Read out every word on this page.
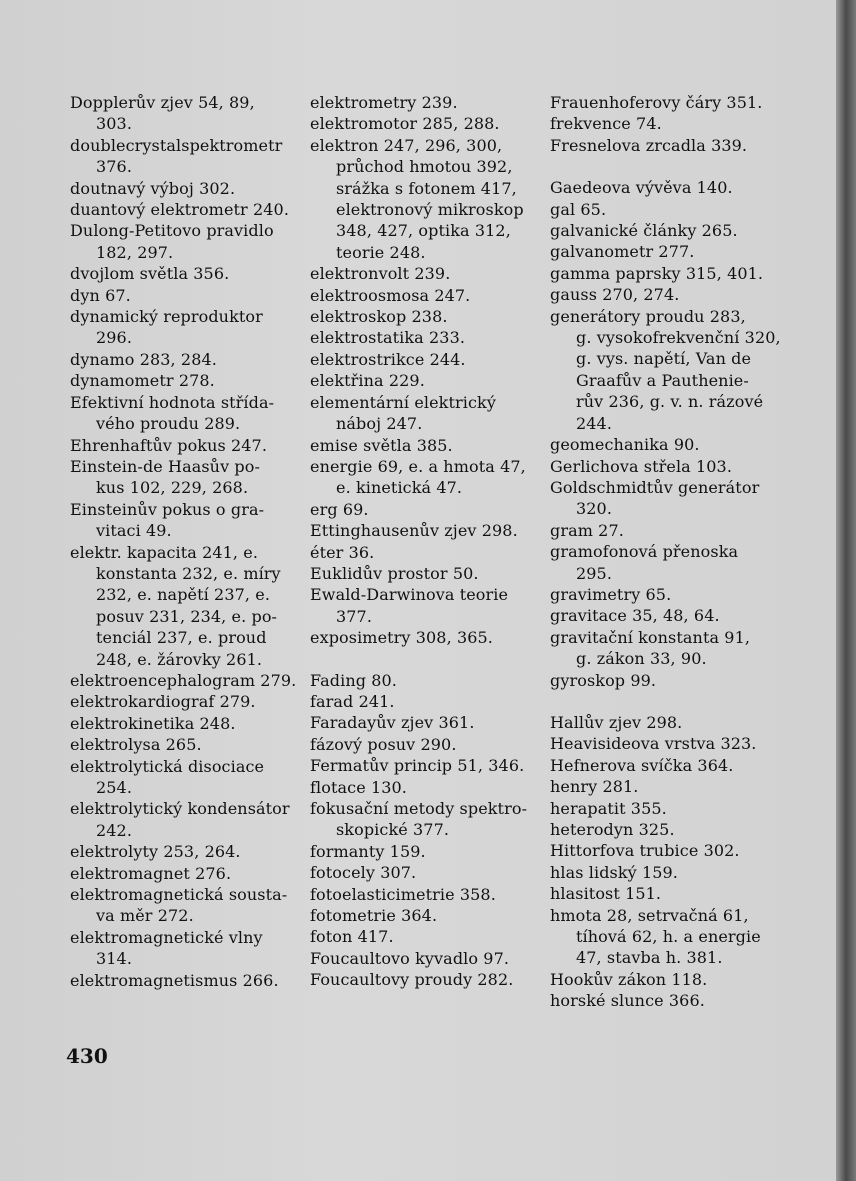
Dopplerův zjev 54, 89,
303.
doublecrystalspektrometr
376.
doutnavý výboj 302.
duantový elektrometr 240.
Dulong-Petitovo pravidlo
182, 297.
dvojlom světla 356.
dyn 67.
dynamický reproduktor
296.
dynamo 283, 284.
dynamometr 278.
Efektivní hodnota střída-
vého proudu 289.
Ehrenhaftův pokus 247.
Einstein-de Haasův po-
kus 102, 229, 268.
Einsteinův pokus o gra-
vitaci 49.
elektr. kapacita 241, e.
konstanta 232, e. míry
232, e. napětí 237, e.
posuv 231, 234, e. po-
tenciál 237, e. proud
248, e. žárovky 261.
elektroencephalogram 279.
elektrokardiograf 279.
elektrokinetika 248.
elektrolysa 265.
elektrolytická disociace
254.
elektrolytický kondensátor
242.
elektrolyty 253, 264.
elektromagnet 276.
elektromagnetická sousta-
va měr 272.
elektromagnetické vlny
314.
elektromagnetismus 266.
elektrometry 239.
elektromotor 285, 288.
elektron 247, 296, 300,
průchod hmotou 392,
srážka s fotonem 417,
elektronový mikroskop
348, 427, optika 312,
teorie 248.
elektronvolt 239.
elektroosmosa 247.
elektroskop 238.
elektrostatika 233.
elektrostrikce 244.
elektřina 229.
elementární elektrický
náboj 247.
emise světla 385.
energie 69, e. a hmota 47,
e. kinetická 47.
erg 69.
Ettinghausenův zjev 298.
éter 36.
Euklidův prostor 50.
Ewald-Darwinova teorie
377.
exposimetry 308, 365.
Fading 80.
farad 241.
Faradayův zjev 361.
fázový posuv 290.
Fermatův princip 51, 346.
flotace 130.
fokusační metody spektro-
skopické 377.
formanty 159.
fotocely 307.
fotoelasticimetrie 358.
fotometrie 364.
foton 417.
Foucaultovo kyvadlo 97.
Foucaultovy proudy 282.
Frauenhoferovy čáry 351.
frekvence 74.
Fresnelova zrcadla 339.
Gaedeova vývěva 140.
gal 65.
galvanické články 265.
galvanometr 277.
gamma paprsky 315, 401.
gauss 270, 274.
generátory proudu 283,
g. vysokofrekvenční 320,
g. vys. napětí, Van de
Graafův a Pauthenie-
rův 236, g. v. n. rázové
244.
geomechanika 90.
Gerlichova střela 103.
Goldschmidtův generátor
320.
gram 27.
gramofonová přenoska
295.
gravimetry 65.
gravitace 35, 48, 64.
gravitační konstanta 91,
g. zákon 33, 90.
gyroskop 99.
Hallův zjev 298.
Heavisideova vrstva 323.
Hefnerova svíčka 364.
henry 281.
herapatit 355.
heterodyn 325.
Hittorfova trubice 302.
hlas lidský 159.
hlasitost 151.
hmota 28, setrvačná 61,
tíhová 62, h. a energie
47, stavba h. 381.
Hookův zákon 118.
horské slunce 366.
430
